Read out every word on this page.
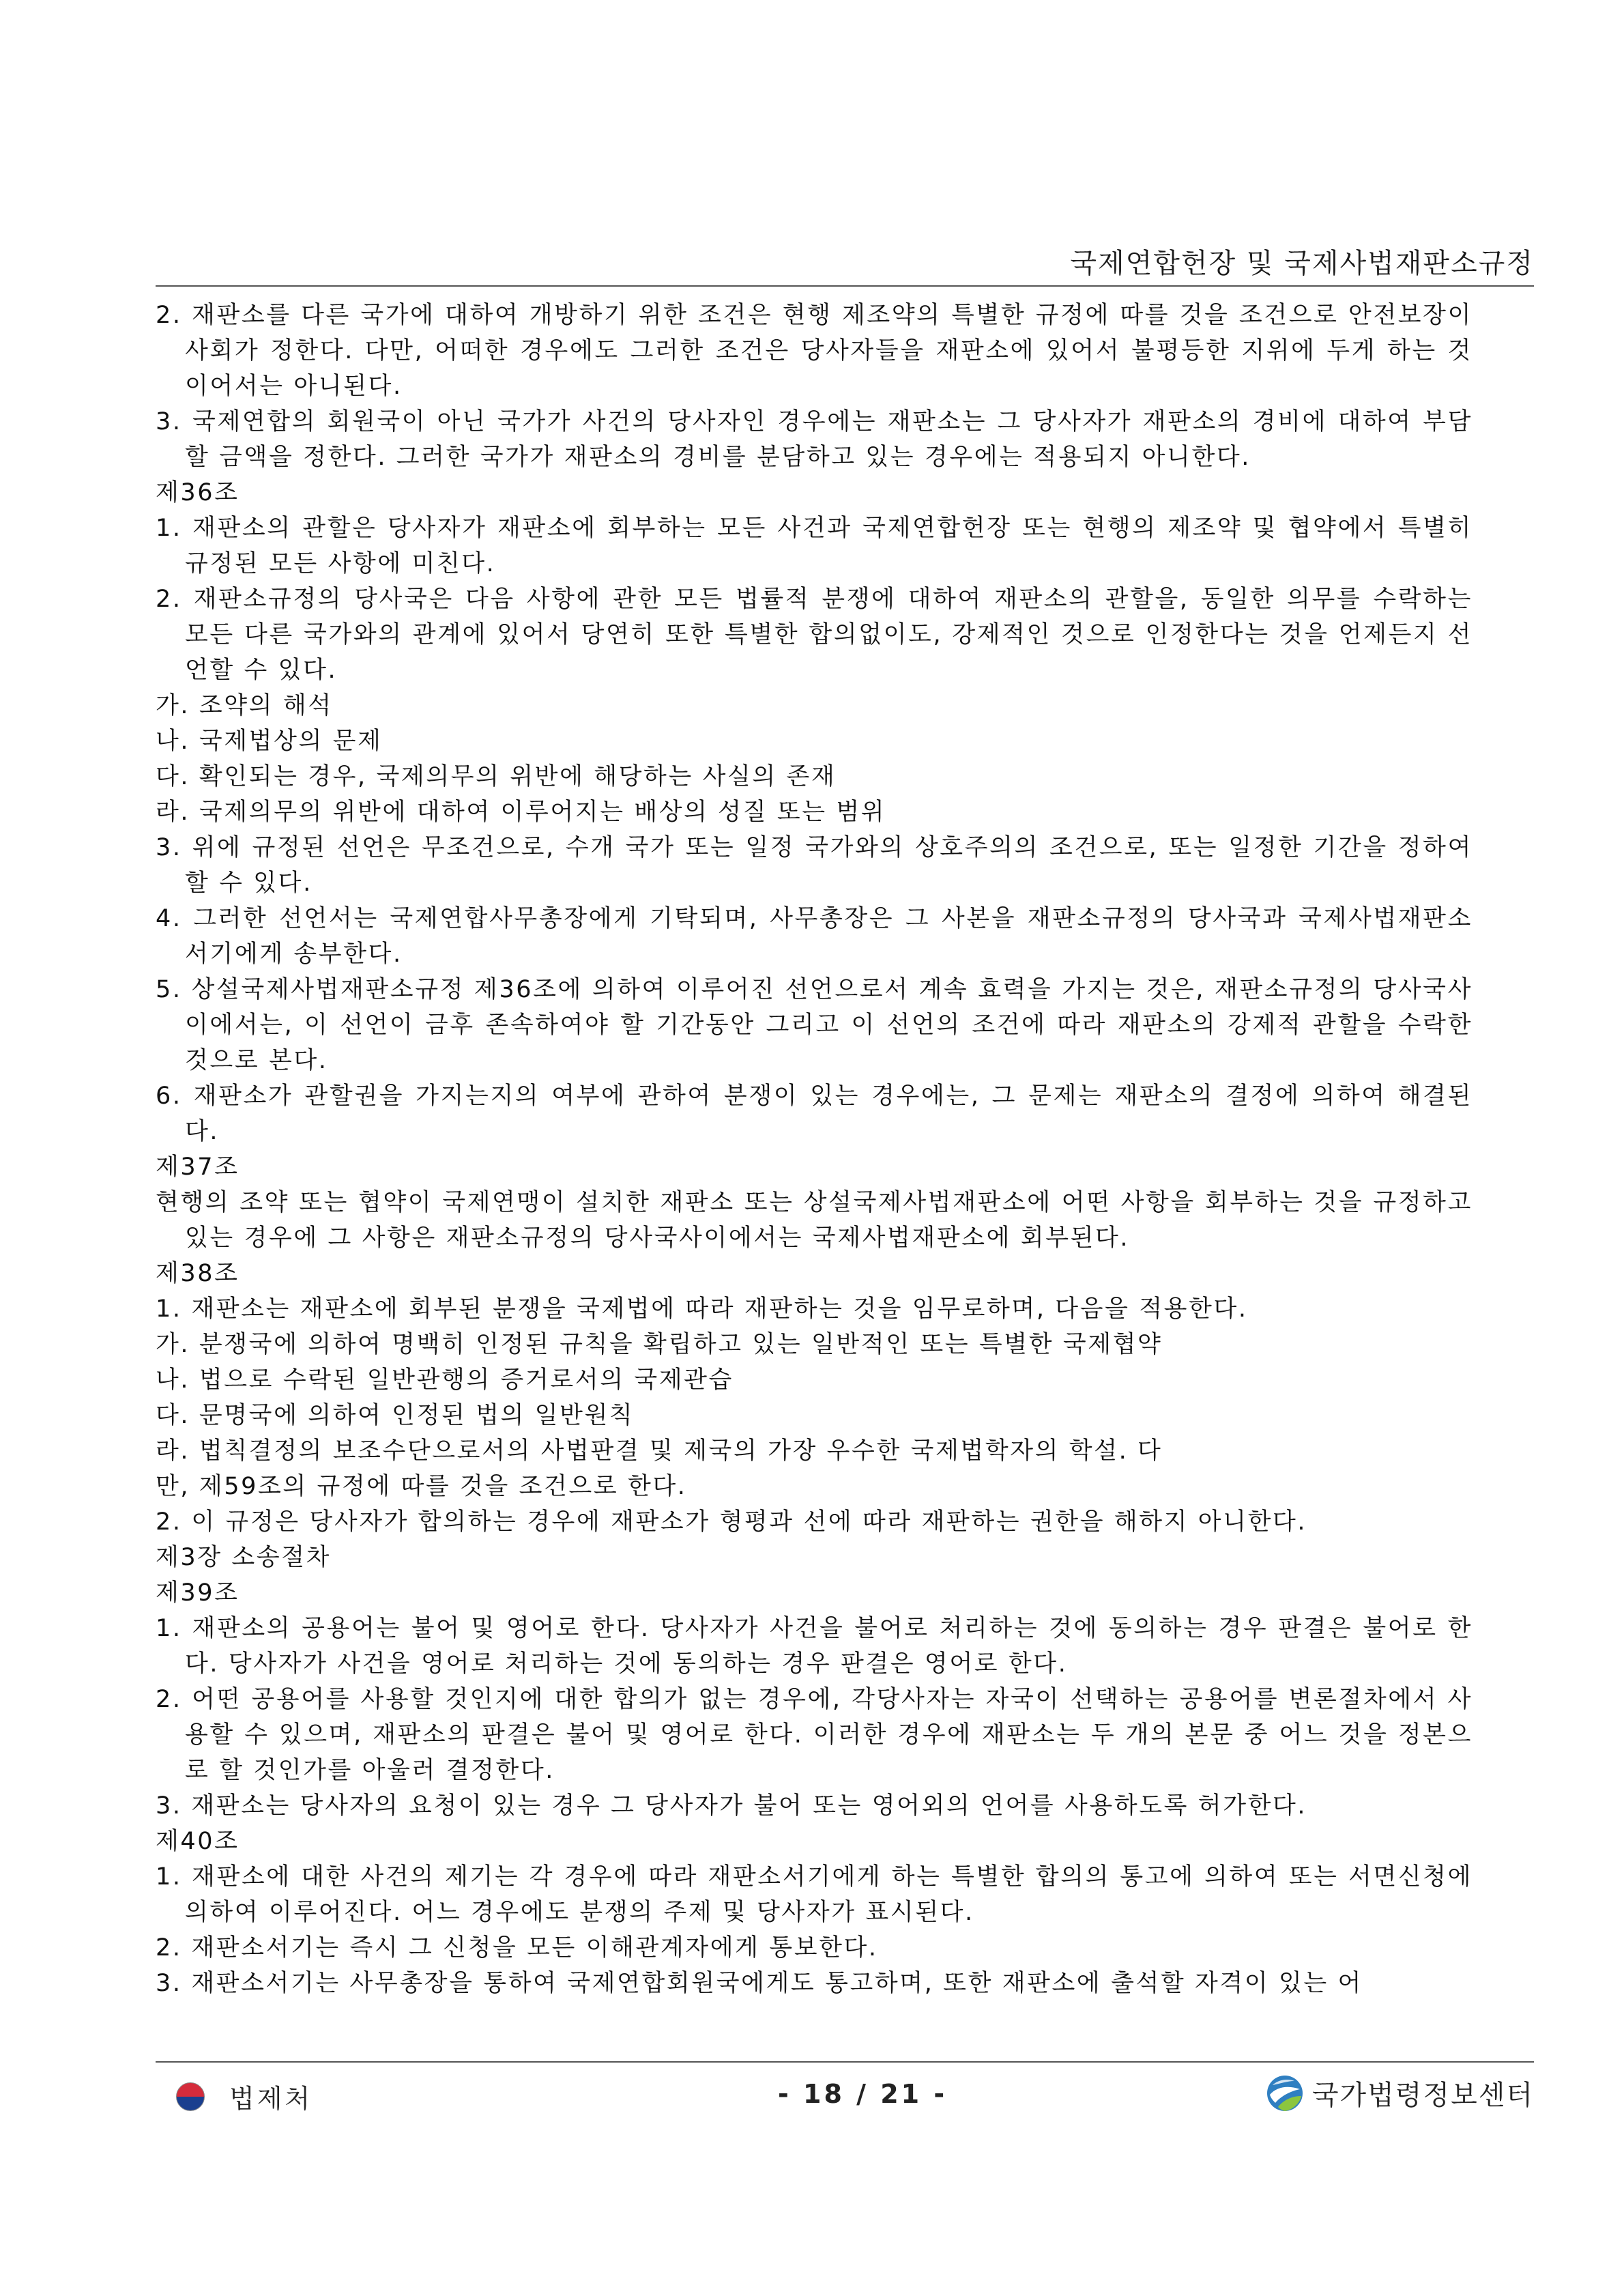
국제연합헌장 및 국제사법재판소규정

2. 재판소를 다른 국가에 대하여 개방하기 위한 조건은 현행 제조약의 특별한 규정에 따를 것을 조건으로 안전보장이사회가 정한다. 다만, 어떠한 경우에도 그러한 조건은 당사자들을 재판소에 있어서 불평등한 지위에 두게 하는 것이어서는 아니된다.

3. 국제연합의 회원국이 아닌 국가가 사건의 당사자인 경우에는 재판소는 그 당사자가 재판소의 경비에 대하여 부담할 금액을 정한다. 그러한 국가가 재판소의 경비를 분담하고 있는 경우에는 적용되지 아니한다.

제36조

1. 재판소의 관할은 당사자가 재판소에 회부하는 모든 사건과 국제연합헌장 또는 현행의 제조약 및 협약에서 특별히 규정된 모든 사항에 미친다.

2. 재판소규정의 당사국은 다음 사항에 관한 모든 법률적 분쟁에 대하여 재판소의 관할을, 동일한 의무를 수락하는 모든 다른 국가와의 관계에 있어서 당연히 또한 특별한 합의없이도, 강제적인 것으로 인정한다는 것을 언제든지 선언할 수 있다.

가. 조약의 해석

나. 국제법상의 문제

다. 확인되는 경우, 국제의무의 위반에 해당하는 사실의 존재

라. 국제의무의 위반에 대하여 이루어지는 배상의 성질 또는 범위

3. 위에 규정된 선언은 무조건으로, 수개 국가 또는 일정 국가와의 상호주의의 조건으로, 또는 일정한 기간을 정하여 할 수 있다.

4. 그러한 선언서는 국제연합사무총장에게 기탁되며, 사무총장은 그 사본을 재판소규정의 당사국과 국제사법재판소서기에게 송부한다.

5. 상설국제사법재판소규정 제36조에 의하여 이루어진 선언으로서 계속 효력을 가지는 것은, 재판소규정의 당사국사이에서는, 이 선언이 금후 존속하여야 할 기간동안 그리고 이 선언의 조건에 따라 재판소의 강제적 관할을 수락한 것으로 본다.

6. 재판소가 관할권을 가지는지의 여부에 관하여 분쟁이 있는 경우에는, 그 문제는 재판소의 결정에 의하여 해결된다.

제37조

현행의 조약 또는 협약이 국제연맹이 설치한 재판소 또는 상설국제사법재판소에 어떤 사항을 회부하는 것을 규정하고 있는 경우에 그 사항은 재판소규정의 당사국사이에서는 국제사법재판소에 회부된다.

제38조

1. 재판소는 재판소에 회부된 분쟁을 국제법에 따라 재판하는 것을 임무로하며, 다음을 적용한다.

가. 분쟁국에 의하여 명백히 인정된 규칙을 확립하고 있는 일반적인 또는 특별한 국제협약

나. 법으로 수락된 일반관행의 증거로서의 국제관습

다. 문명국에 의하여 인정된 법의 일반원칙

라. 법칙결정의 보조수단으로서의 사법판결 및 제국의 가장 우수한 국제법학자의 학설. 다

만, 제59조의 규정에 따를 것을 조건으로 한다.

2. 이 규정은 당사자가 합의하는 경우에 재판소가 형평과 선에 따라 재판하는 권한을 해하지 아니한다.

제3장 소송절차

제39조

1. 재판소의 공용어는 불어 및 영어로 한다. 당사자가 사건을 불어로 처리하는 것에 동의하는 경우 판결은 불어로 한다. 당사자가 사건을 영어로 처리하는 것에 동의하는 경우 판결은 영어로 한다.

2. 어떤 공용어를 사용할 것인지에 대한 합의가 없는 경우에, 각당사자는 자국이 선택하는 공용어를 변론절차에서 사용할 수 있으며, 재판소의 판결은 불어 및 영어로 한다. 이러한 경우에 재판소는 두 개의 본문 중 어느 것을 정본으로 할 것인가를 아울러 결정한다.

3. 재판소는 당사자의 요청이 있는 경우 그 당사자가 불어 또는 영어외의 언어를 사용하도록 허가한다.

제40조

1. 재판소에 대한 사건의 제기는 각 경우에 따라 재판소서기에게 하는 특별한 합의의 통고에 의하여 또는 서면신청에 의하여 이루어진다. 어느 경우에도 분쟁의 주제 및 당사자가 표시된다.

2. 재판소서기는 즉시 그 신청을 모든 이해관계자에게 통보한다.

3. 재판소서기는 사무총장을 통하여 국제연합회원국에게도 통고하며, 또한 재판소에 출석할 자격이 있는 어

법제처	- 18 / 21 -	국가법령정보센터
